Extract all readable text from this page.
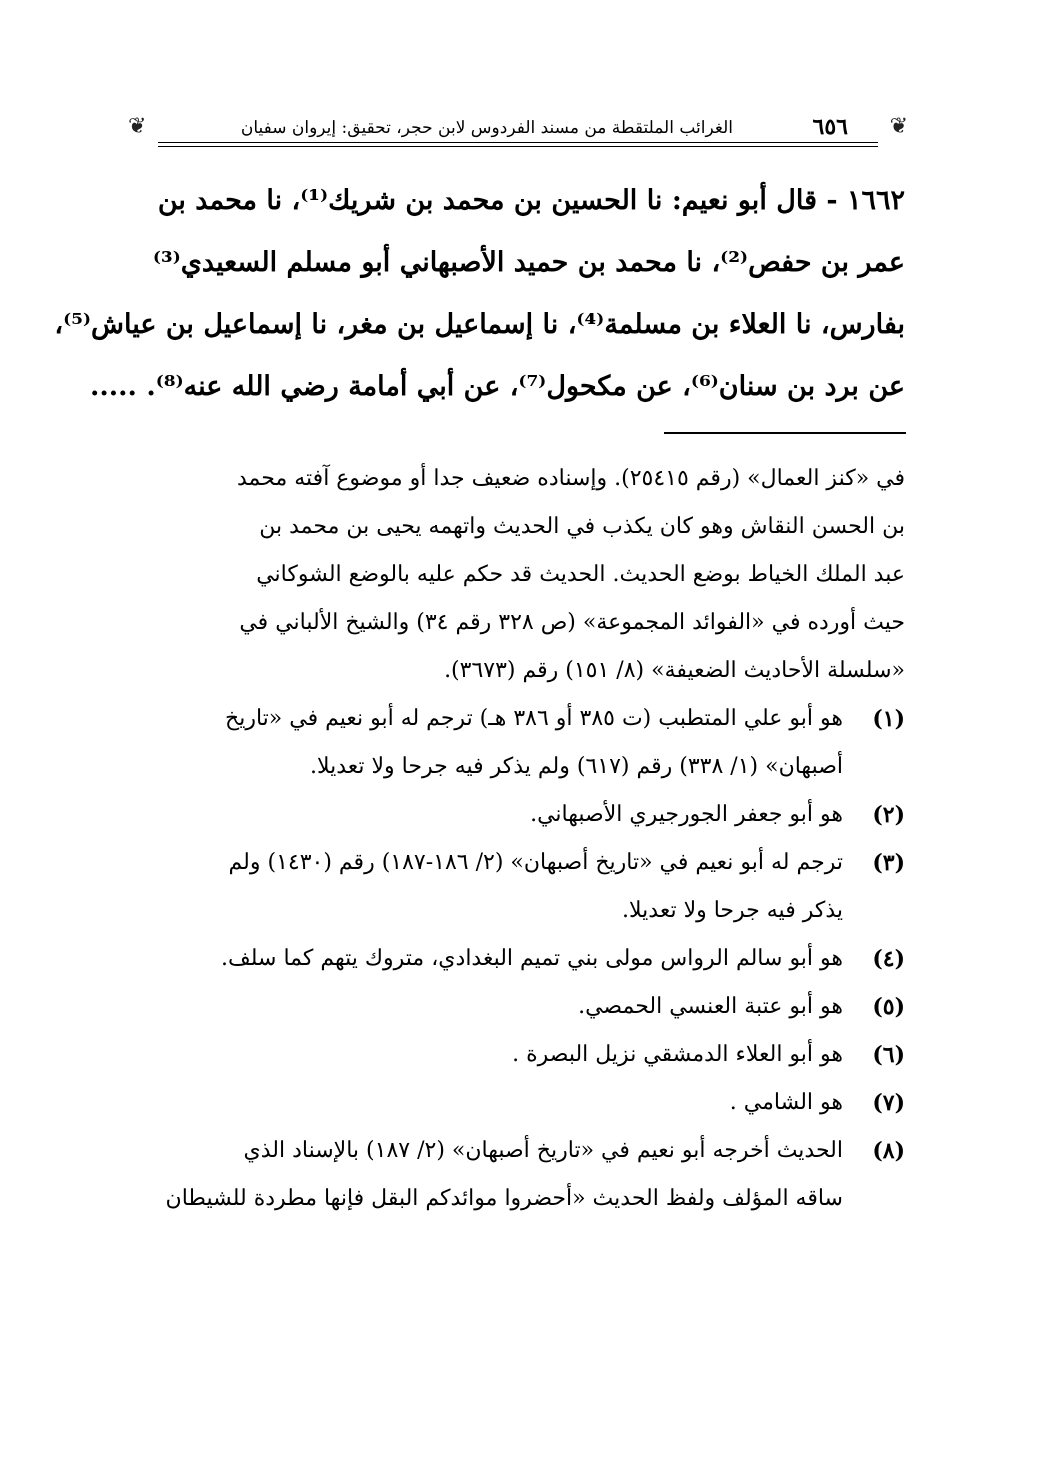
❦	الغرائب الملتقطة من مسند الفردوس لابن حجر، تحقيق: إيروان سفيان	٦٥٦ ❦
١٦٦٢ - قال أبو نعيم: نا الحسين بن محمد بن شريك⁽¹⁾، نا محمد بن
عمر بن حفص⁽²⁾، نا محمد بن حميد الأصبهاني أبو مسلم السعيدي⁽³⁾
بفارس، نا العلاء بن مسلمة⁽⁴⁾، نا إسماعيل بن مغر، نا إسماعيل بن عياش⁽⁵⁾،
عن برد بن سنان⁽⁶⁾، عن مكحول⁽⁷⁾، عن أبي أمامة رضي الله عنه⁽⁸⁾. .....
في «كنز العمال» (رقم ٢٥٤١٥). وإسناده ضعيف جدا أو موضوع آفته محمد
بن الحسن النقاش وهو كان يكذب في الحديث واتهمه يحيى بن محمد بن
عبد الملك الخياط بوضع الحديث. الحديث قد حكم عليه بالوضع الشوكاني
حيث أورده في «الفوائد المجموعة» (ص ٣٢٨ رقم ٣٤) والشيخ الألباني في
«سلسلة الأحاديث الضعيفة» (٨/ ١٥١) رقم (٣٦٧٣).
(١)
هو أبو علي المتطبب (ت ٣٨٥ أو ٣٨٦ هـ) ترجم له أبو نعيم في «تاريخ
أصبهان» (١/ ٣٣٨) رقم (٦١٧) ولم يذكر فيه جرحا ولا تعديلا.
(٢)
هو أبو جعفر الجورجيري الأصبهاني.
(٣)
ترجم له أبو نعيم في «تاريخ أصبهان» (٢/ ١٨٦-١٨٧) رقم (١٤٣٠) ولم
يذكر فيه جرحا ولا تعديلا.
(٤)
هو أبو سالم الرواس مولى بني تميم البغدادي، متروك يتهم كما سلف.
(٥)
هو أبو عتبة العنسي الحمصي.
(٦)
هو أبو العلاء الدمشقي نزيل البصرة .
(٧)
هو الشامي .
(٨)
الحديث أخرجه أبو نعيم في «تاريخ أصبهان» (٢/ ١٨٧) بالإسناد الذي
ساقه المؤلف ولفظ الحديث «أحضروا موائدكم البقل فإنها مطردة للشيطان
